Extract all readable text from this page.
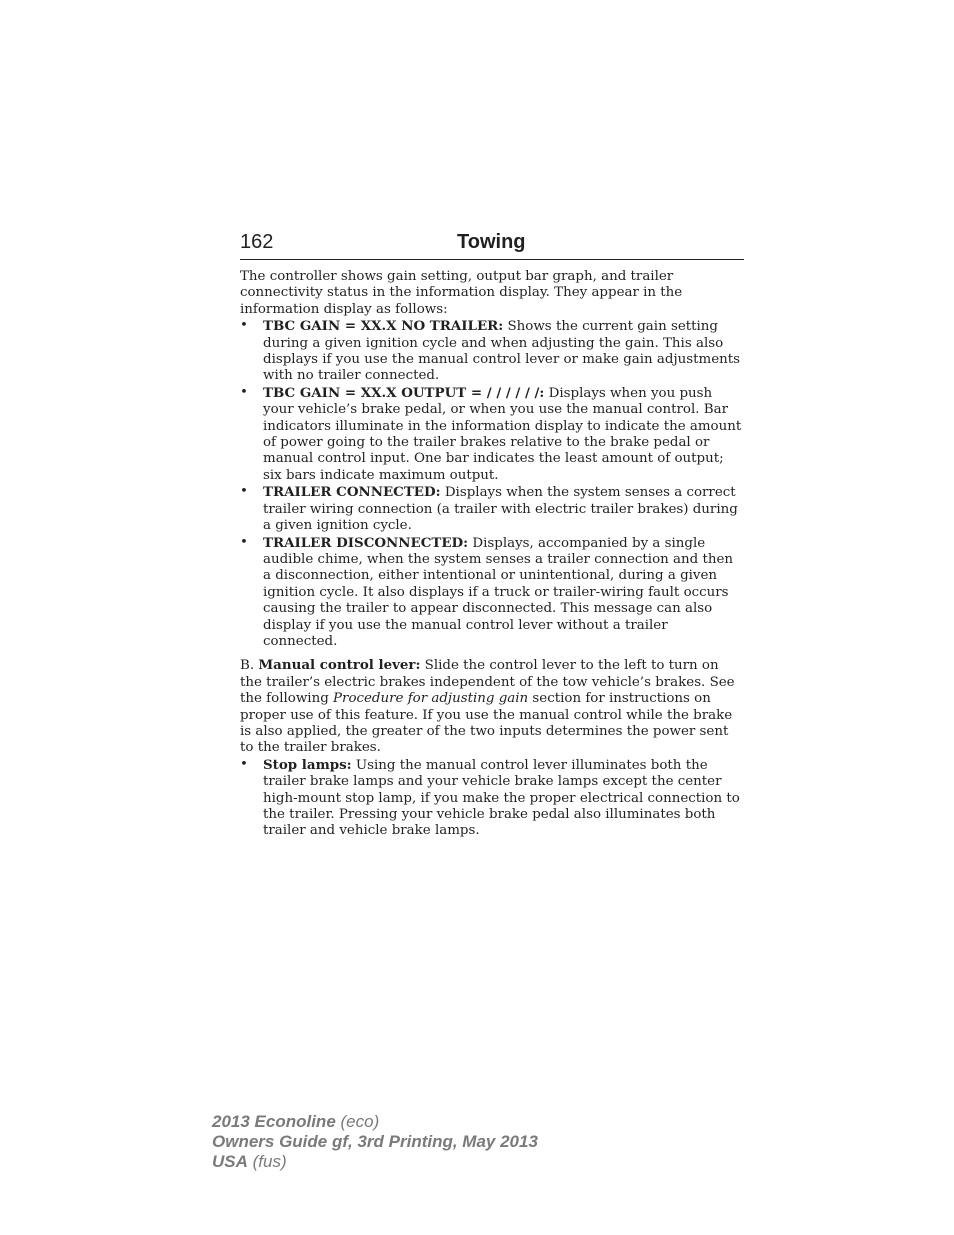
162	Towing

The controller shows gain setting, output bar graph, and trailer connectivity status in the information display. They appear in the information display as follows:

• TBC GAIN = XX.X NO TRAILER: Shows the current gain setting during a given ignition cycle and when adjusting the gain. This also displays if you use the manual control lever or make gain adjustments with no trailer connected.
• TBC GAIN = XX.X OUTPUT = / / / / / /: Displays when you push your vehicle’s brake pedal, or when you use the manual control. Bar indicators illuminate in the information display to indicate the amount of power going to the trailer brakes relative to the brake pedal or manual control input. One bar indicates the least amount of output; six bars indicate maximum output.
• TRAILER CONNECTED: Displays when the system senses a correct trailer wiring connection (a trailer with electric trailer brakes) during a given ignition cycle.
• TRAILER DISCONNECTED: Displays, accompanied by a single audible chime, when the system senses a trailer connection and then a disconnection, either intentional or unintentional, during a given ignition cycle. It also displays if a truck or trailer-wiring fault occurs causing the trailer to appear disconnected. This message can also display if you use the manual control lever without a trailer connected.

B. Manual control lever: Slide the control lever to the left to turn on the trailer’s electric brakes independent of the tow vehicle’s brakes. See the following Procedure for adjusting gain section for instructions on proper use of this feature. If you use the manual control while the brake is also applied, the greater of the two inputs determines the power sent to the trailer brakes.

• Stop lamps: Using the manual control lever illuminates both the trailer brake lamps and your vehicle brake lamps except the center high-mount stop lamp, if you make the proper electrical connection to the trailer. Pressing your vehicle brake pedal also illuminates both trailer and vehicle brake lamps.
2013 Econoline (eco)
Owners Guide gf, 3rd Printing, May 2013
USA (fus)
